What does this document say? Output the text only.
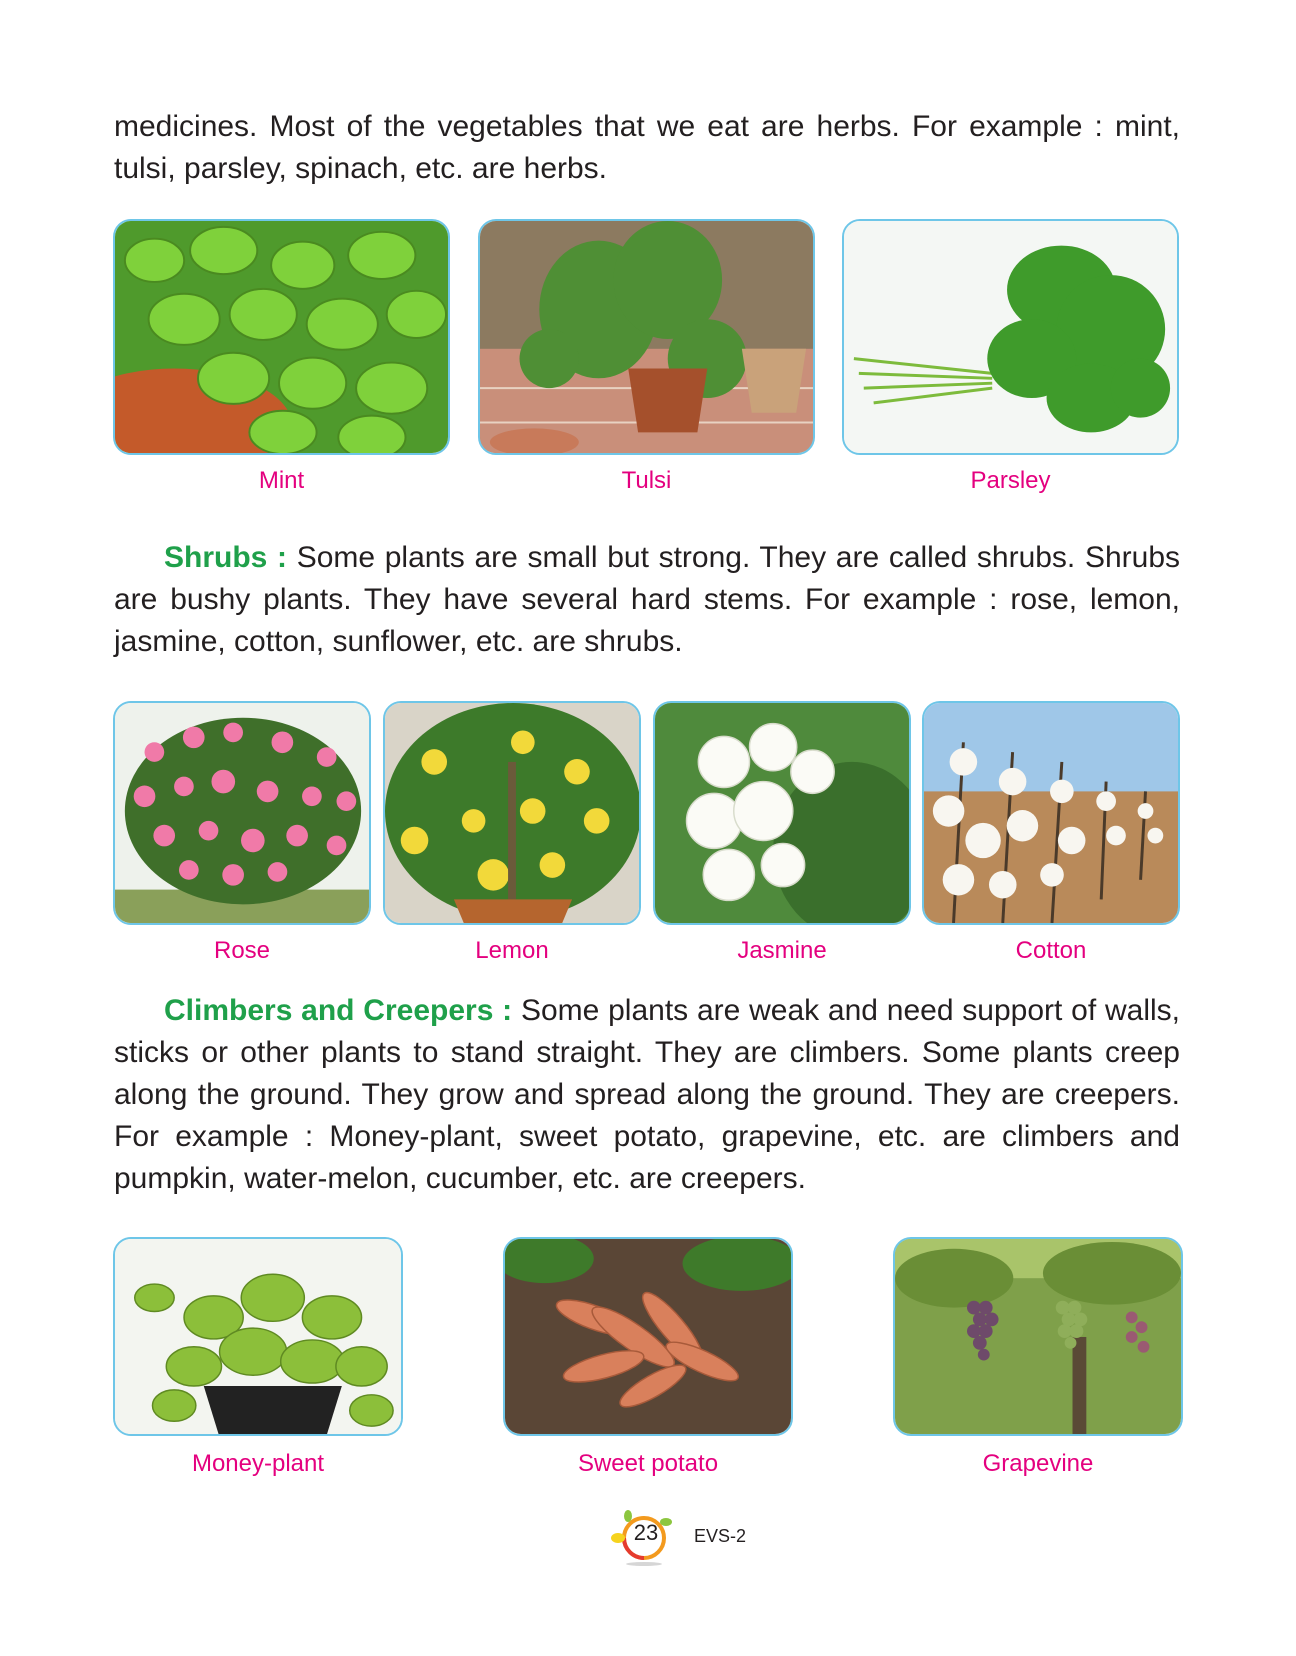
medicines. Most of the vegetables that we eat are herbs. For example : mint, tulsi, parsley, spinach, etc. are herbs.

Mint	Tulsi	Parsley

Shrubs : Some plants are small but strong. They are called shrubs. Shrubs are bushy plants. They have several hard stems. For example : rose, lemon, jasmine, cotton, sunflower, etc. are shrubs.

Rose	Lemon	Jasmine	Cotton

Climbers and Creepers : Some plants are weak and need support of walls, sticks or other plants to stand straight. They are climbers. Some plants creep along the ground. They grow and spread along the ground. They are creepers. For example : Money-plant, sweet potato, grapevine, etc. are climbers and pumpkin, water-melon, cucumber, etc. are creepers.

Money-plant	Sweet potato	Grapevine
23	EVS-2
